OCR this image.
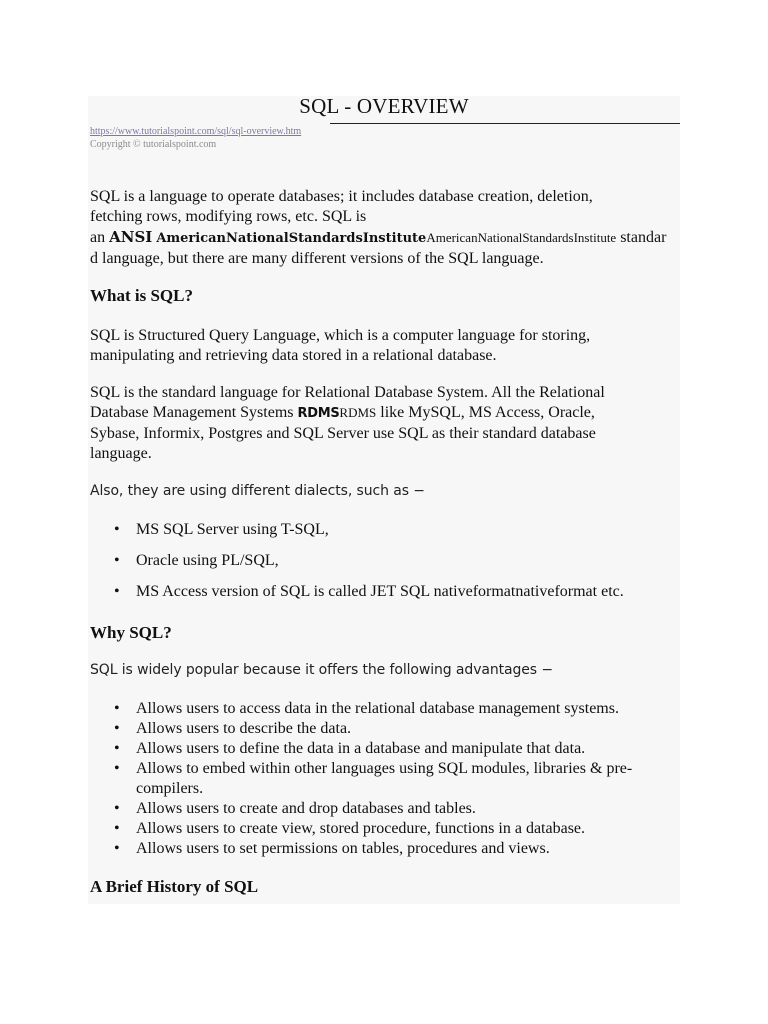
SQL - OVERVIEW
https://www.tutorialspoint.com/sql/sql-overview.htm
Copyright © tutorialspoint.com
SQL is a language to operate databases; it includes database creation, deletion,
fetching rows, modifying rows, etc. SQL is
an ANSI AmericanNationalStandardsInstituteAmericanNationalStandardsInstitute standar
d language, but there are many different versions of the SQL language.
What is SQL?
SQL is Structured Query Language, which is a computer language for storing,
manipulating and retrieving data stored in a relational database.
SQL is the standard language for Relational Database System. All the Relational
Database Management Systems RDMSRDMS like MySQL, MS Access, Oracle,
Sybase, Informix, Postgres and SQL Server use SQL as their standard database
language.
Also, they are using different dialects, such as −
• MS SQL Server using T-SQL,
• Oracle using PL/SQL,
• MS Access version of SQL is called JET SQL nativeformatnativeformat etc.
Why SQL?
SQL is widely popular because it offers the following advantages −
• Allows users to access data in the relational database management systems.
• Allows users to describe the data.
• Allows users to define the data in a database and manipulate that data.
• Allows to embed within other languages using SQL modules, libraries & pre-
compilers.
• Allows users to create and drop databases and tables.
• Allows users to create view, stored procedure, functions in a database.
• Allows users to set permissions on tables, procedures and views.
A Brief History of SQL
